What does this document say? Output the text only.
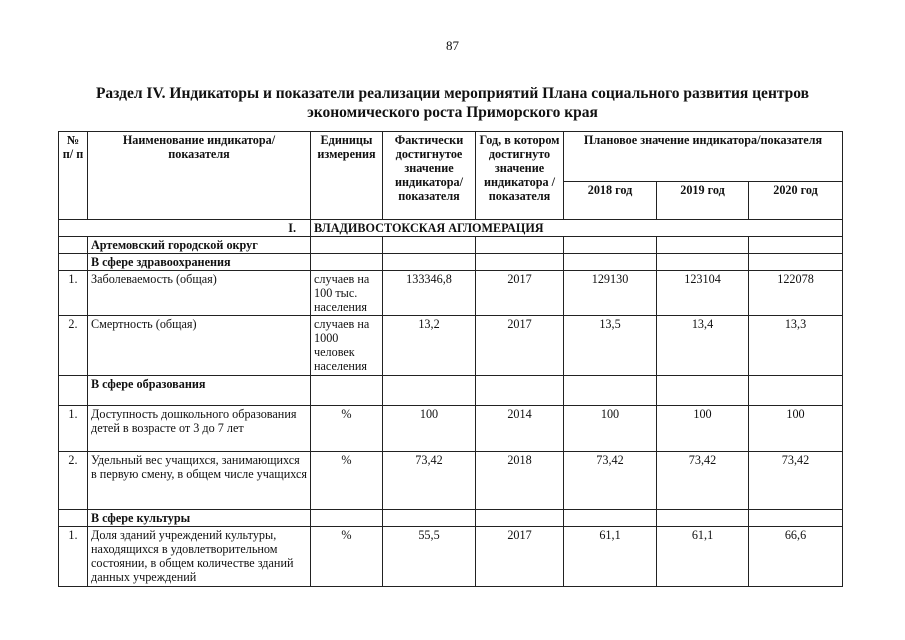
87
Раздел IV. Индикаторы и показатели реализации мероприятий Плана социального развития центров
экономического роста Приморского края
№ п/ п	Наименование индикатора/ показателя	Единицы измерения	Фактически достигнутое значение индикатора/ показателя	Год, в котором достигнуто значение индикатора /показателя	Плановое значение индикатора/показателя		
					2018 год	2019 год	2020 год
I.		ВЛАДИВОСТОКСКАЯ АГЛОМЕРАЦИЯ					
	Артемовский городской округ						
	В сфере здравоохранения						
1.	Заболеваемость (общая)	случаев на 100 тыс. населения	133346,8	2017	129130	123104	122078
2.	Смертность (общая)	случаев на 1000 человек населения	13,2	2017	13,5	13,4	13,3
	В сфере образования						
1.	Доступность дошкольного образования детей в возрасте от 3 до 7 лет	%	100	2014	100	100	100
2.	Удельный вес учащихся, занимающихся в первую смену, в общем числе учащихся	%	73,42	2018	73,42	73,42	73,42
	В сфере культуры						
1.	Доля зданий учреждений культуры, находящихся в удовлетворительном состоянии, в общем количестве зданий данных учреждений	%	55,5	2017	61,1	61,1	66,6
